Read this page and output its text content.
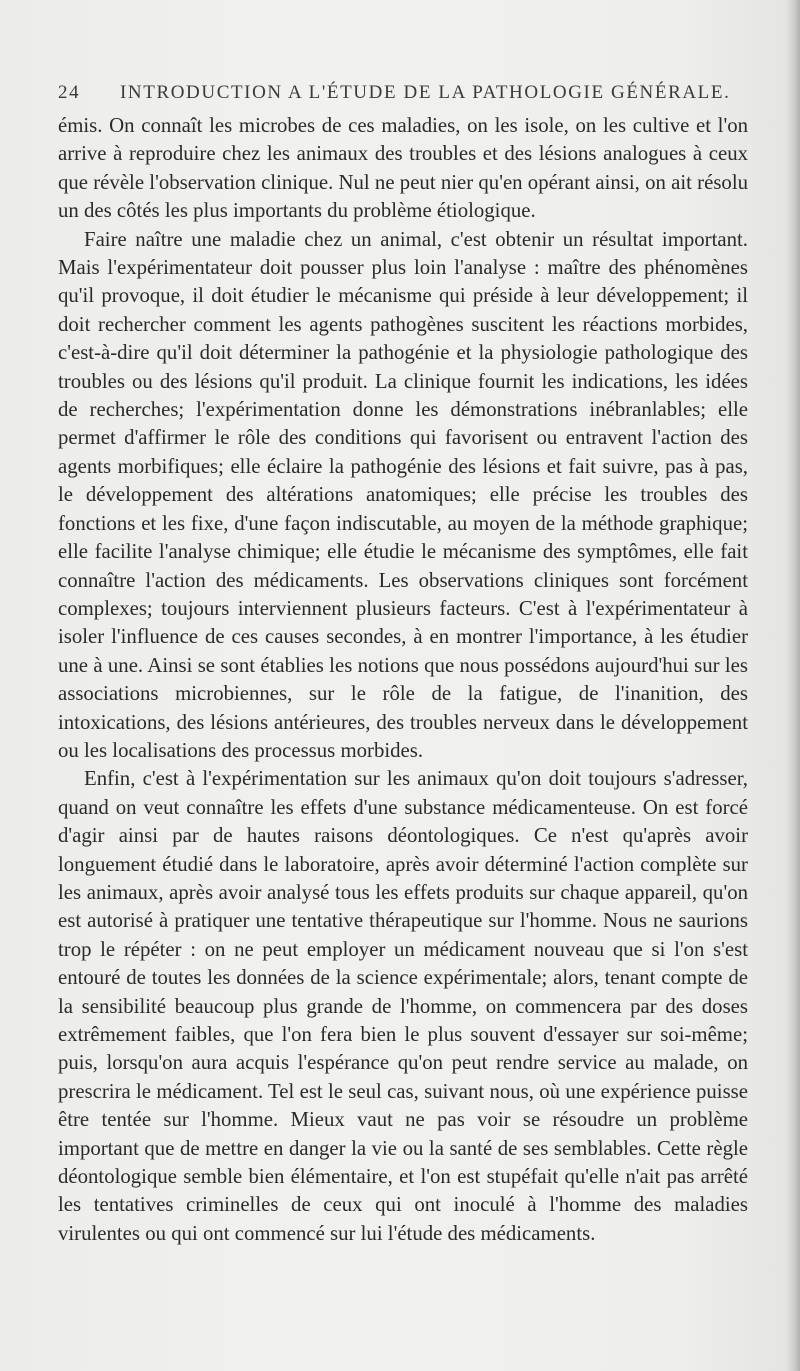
24 INTRODUCTION A L'ÉTUDE DE LA PATHOLOGIE GÉNÉRALE.

émis. On connaît les microbes de ces maladies, on les isole, on les cultive et l'on arrive à reproduire chez les animaux des troubles et des lésions analogues à ceux que révèle l'observation clinique. Nul ne peut nier qu'en opérant ainsi, on ait résolu un des côtés les plus importants du problème étiologique.

Faire naître une maladie chez un animal, c'est obtenir un résultat important. Mais l'expérimentateur doit pousser plus loin l'analyse : maître des phénomènes qu'il provoque, il doit étudier le mécanisme qui préside à leur développement; il doit rechercher comment les agents pathogènes suscitent les réactions morbides, c'est-à-dire qu'il doit déterminer la pathogénie et la physiologie pathologique des troubles ou des lésions qu'il produit. La clinique fournit les indications, les idées de recherches; l'expérimentation donne les démonstrations inébranlables; elle permet d'affirmer le rôle des conditions qui favorisent ou entravent l'action des agents morbifiques; elle éclaire la pathogénie des lésions et fait suivre, pas à pas, le développement des altérations anatomiques; elle précise les troubles des fonctions et les fixe, d'une façon indiscutable, au moyen de la méthode graphique; elle facilite l'analyse chimique; elle étudie le mécanisme des symptômes, elle fait connaître l'action des médicaments. Les observations cliniques sont forcément complexes; toujours interviennent plusieurs facteurs. C'est à l'expérimentateur à isoler l'influence de ces causes secondes, à en montrer l'importance, à les étudier une à une. Ainsi se sont établies les notions que nous possédons aujourd'hui sur les associations microbiennes, sur le rôle de la fatigue, de l'inanition, des intoxications, des lésions antérieures, des troubles nerveux dans le développement ou les localisations des processus morbides.

Enfin, c'est à l'expérimentation sur les animaux qu'on doit toujours s'adresser, quand on veut connaître les effets d'une substance médicamenteuse. On est forcé d'agir ainsi par de hautes raisons déontologiques. Ce n'est qu'après avoir longuement étudié dans le laboratoire, après avoir déterminé l'action complète sur les animaux, après avoir analysé tous les effets produits sur chaque appareil, qu'on est autorisé à pratiquer une tentative thérapeutique sur l'homme. Nous ne saurions trop le répéter : on ne peut employer un médicament nouveau que si l'on s'est entouré de toutes les données de la science expérimentale; alors, tenant compte de la sensibilité beaucoup plus grande de l'homme, on commencera par des doses extrêmement faibles, que l'on fera bien le plus souvent d'essayer sur soi-même; puis, lorsqu'on aura acquis l'espérance qu'on peut rendre service au malade, on prescrira le médicament. Tel est le seul cas, suivant nous, où une expérience puisse être tentée sur l'homme. Mieux vaut ne pas voir se résoudre un problème important que de mettre en danger la vie ou la santé de ses semblables. Cette règle déontologique semble bien élémentaire, et l'on est stupéfait qu'elle n'ait pas arrêté les tentatives criminelles de ceux qui ont inoculé à l'homme des maladies virulentes ou qui ont commencé sur lui l'étude des médicaments.
